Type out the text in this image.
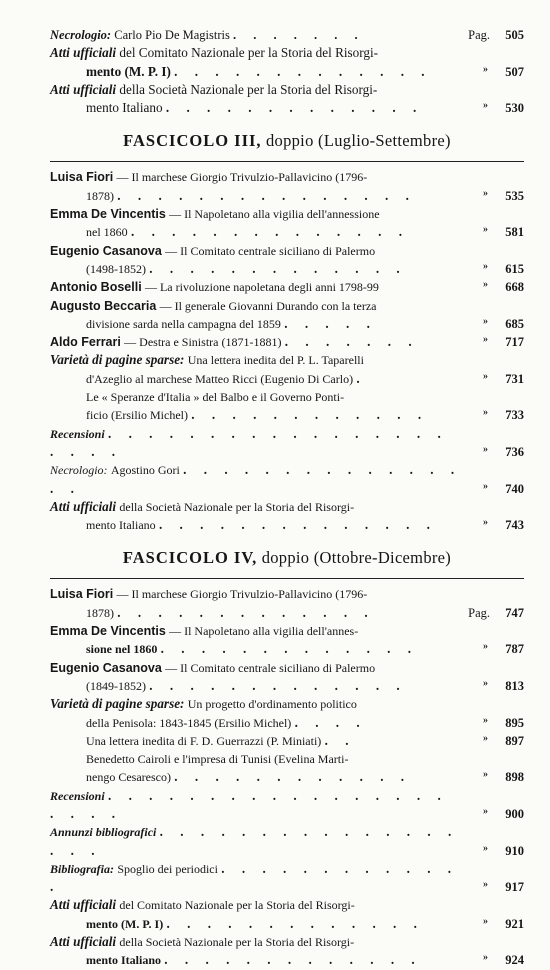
Necrologio: Carlo Pio De Magistris . . . . . . .	Pag.	505
Atti ufficiali del Comitato Nazionale per la Storia del Risorgi-
mento (M. P. I) . . . . . . . . . . . . .	»	507
Atti ufficiali della Società Nazionale per la Storia del Risorgi-
mento Italiano . . . . . . . . . . . . .	»	530
FASCICOLO III, doppio (Luglio-Settembre)
Luisa Fiori — Il marchese Giorgio Trivulzio-Pallavicino (1796-
1878) . . . . . . . . . . . . . . .	»	535
Emma De Vincentis — Il Napoletano alla vigilia dell'annessione
nel 1860 . . . . . . . . . . . . . .	»	581
Eugenio Casanova — Il Comitato centrale siciliano di Palermo
(1498-1852) . . . . . . . . . . . . .	»	615
Antonio Boselli — La rivoluzione napoletana degli anni 1798-99	»	668
Augusto Beccaria — Il generale Giovanni Durando con la terza
divisione sarda nella campagna del 1859 . . . . .	»	685
Aldo Ferrari — Destra e Sinistra (1871-1881) . . . . . . .	»	717
Varietà di pagine sparse: Una lettera inedita del P. L. Taparelli
d'Azeglio al marchese Matteo Ricci (Eugenio Di Carlo) .	»	731
Le « Speranze d'Italia » del Balbo e il Governo Ponti-
ficio (Ersilio Michel) . . . . . . . . . . . .	»	733
Recensioni . . . . . . . . . . . . . . . . . . . . .	»	736
Necrologio: Agostino Gori . . . . . . . . . . . . . . . .	»	740
Atti ufficiali della Società Nazionale per la Storia del Risorgi-
mento Italiano . . . . . . . . . . . . . .	»	743
FASCICOLO IV, doppio (Ottobre-Dicembre)
Luisa Fiori — Il marchese Giorgio Trivulzio-Pallavicino (1796-
1878) . . . . . . . . . . . . .	Pag.	747
Emma De Vincentis — Il Napoletano alla vigilia dell'annes-
sione nel 1860 . . . . . . . . . . . . .	»	787
Eugenio Casanova — Il Comitato centrale siciliano di Palermo
(1849-1852) . . . . . . . . . . . . .	»	813
Varietà di pagine sparse: Un progetto d'ordinamento politico
della Penisola: 1843-1845 (Ersilio Michel) . . . .	»	895
Una lettera inedita di F. D. Guerrazzi (P. Miniati) . .	»	897
Benedetto Cairoli e l'impresa di Tunisi (Evelina Marti-
nengo Cesaresco) . . . . . . . . . . . .	»	898
Recensioni . . . . . . . . . . . . . . . . . . . . .	»	900
Annunzi bibliografici . . . . . . . . . . . . . . . . . .	»	910
Bibliografia: Spoglio dei periodici . . . . . . . . . . . . .	»	917
Atti ufficiali del Comitato Nazionale per la Storia del Risorgi-
mento (M. P. I) . . . . . . . . . . . . .	»	921
Atti ufficiali della Società Nazionale per la Storia del Risorgi-
mento Italiano . . . . . . . . . . . . .	»	924
